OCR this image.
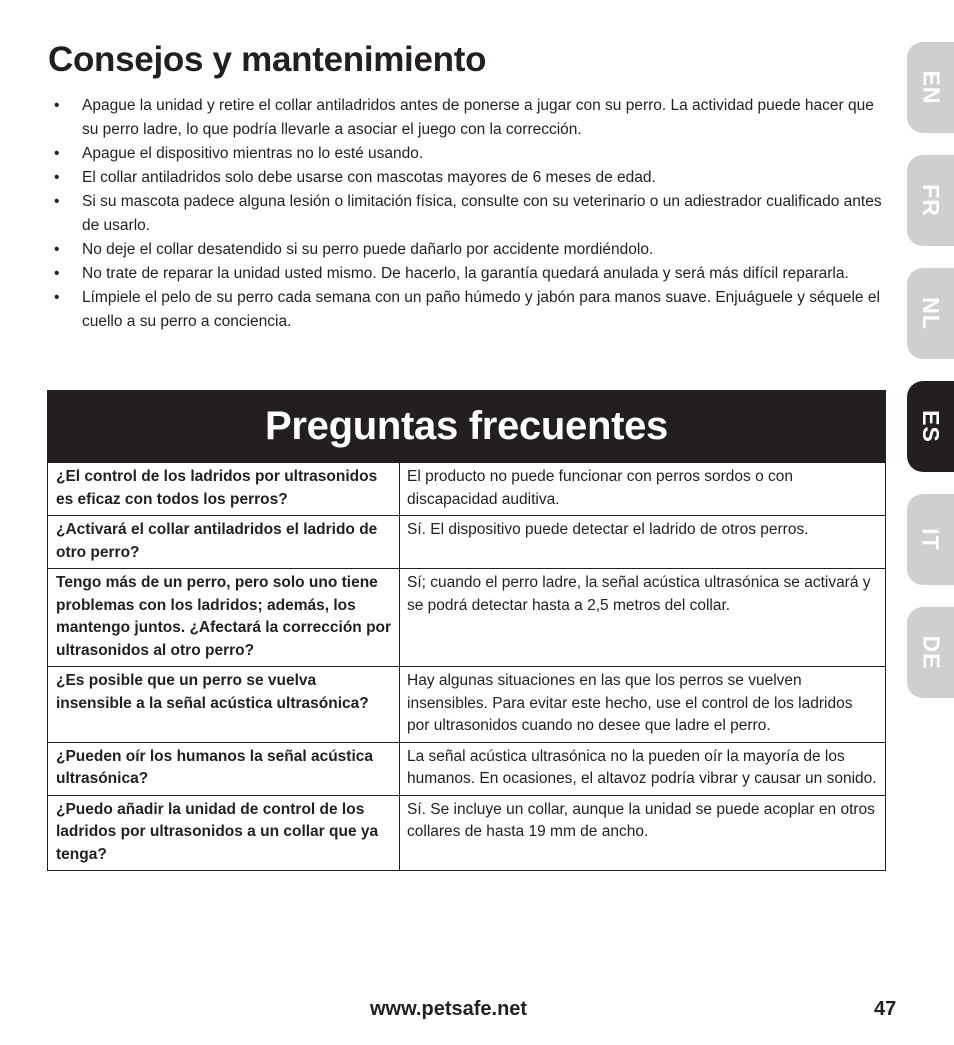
Consejos y mantenimiento
• Apague la unidad y retire el collar antiladridos antes de ponerse a jugar con su perro. La actividad puede hacer que su perro ladre, lo que podría llevarle a asociar el juego con la corrección.
• Apague el dispositivo mientras no lo esté usando.
• El collar antiladridos solo debe usarse con mascotas mayores de 6 meses de edad.
• Si su mascota padece alguna lesión o limitación física, consulte con su veterinario o un adiestrador cualificado antes de usarlo.
• No deje el collar desatendido si su perro puede dañarlo por accidente mordiéndolo.
• No trate de reparar la unidad usted mismo. De hacerlo, la garantía quedará anulada y será más difícil repararla.
• Límpiele el pelo de su perro cada semana con un paño húmedo y jabón para manos suave. Enjuáguele y séquele el cuello a su perro a conciencia.
Preguntas frecuentes
¿El control de los ladridos por ultrasonidos es eficaz con todos los perros?
El producto no puede funcionar con perros sordos o con discapacidad auditiva.
¿Activará el collar antiladridos el ladrido de otro perro?
Sí. El dispositivo puede detectar el ladrido de otros perros.
Tengo más de un perro, pero solo uno tiene problemas con los ladridos; además, los mantengo juntos. ¿Afectará la corrección por ultrasonidos al otro perro?
Sí; cuando el perro ladre, la señal acústica ultrasónica se activará y se podrá detectar hasta a 2,5 metros del collar.
¿Es posible que un perro se vuelva insensible a la señal acústica ultrasónica?
Hay algunas situaciones en las que los perros se vuelven insensibles. Para evitar este hecho, use el control de los ladridos por ultrasonidos cuando no desee que ladre el perro.
¿Pueden oír los humanos la señal acústica ultrasónica?
La señal acústica ultrasónica no la pueden oír la mayoría de los humanos. En ocasiones, el altavoz podría vibrar y causar un sonido.
¿Puedo añadir la unidad de control de los ladridos por ultrasonidos a un collar que ya tenga?
Sí. Se incluye un collar, aunque la unidad se puede acoplar en otros collares de hasta 19 mm de ancho.
EN
FR
NL
ES
IT
DE
www.petsafe.net	47
